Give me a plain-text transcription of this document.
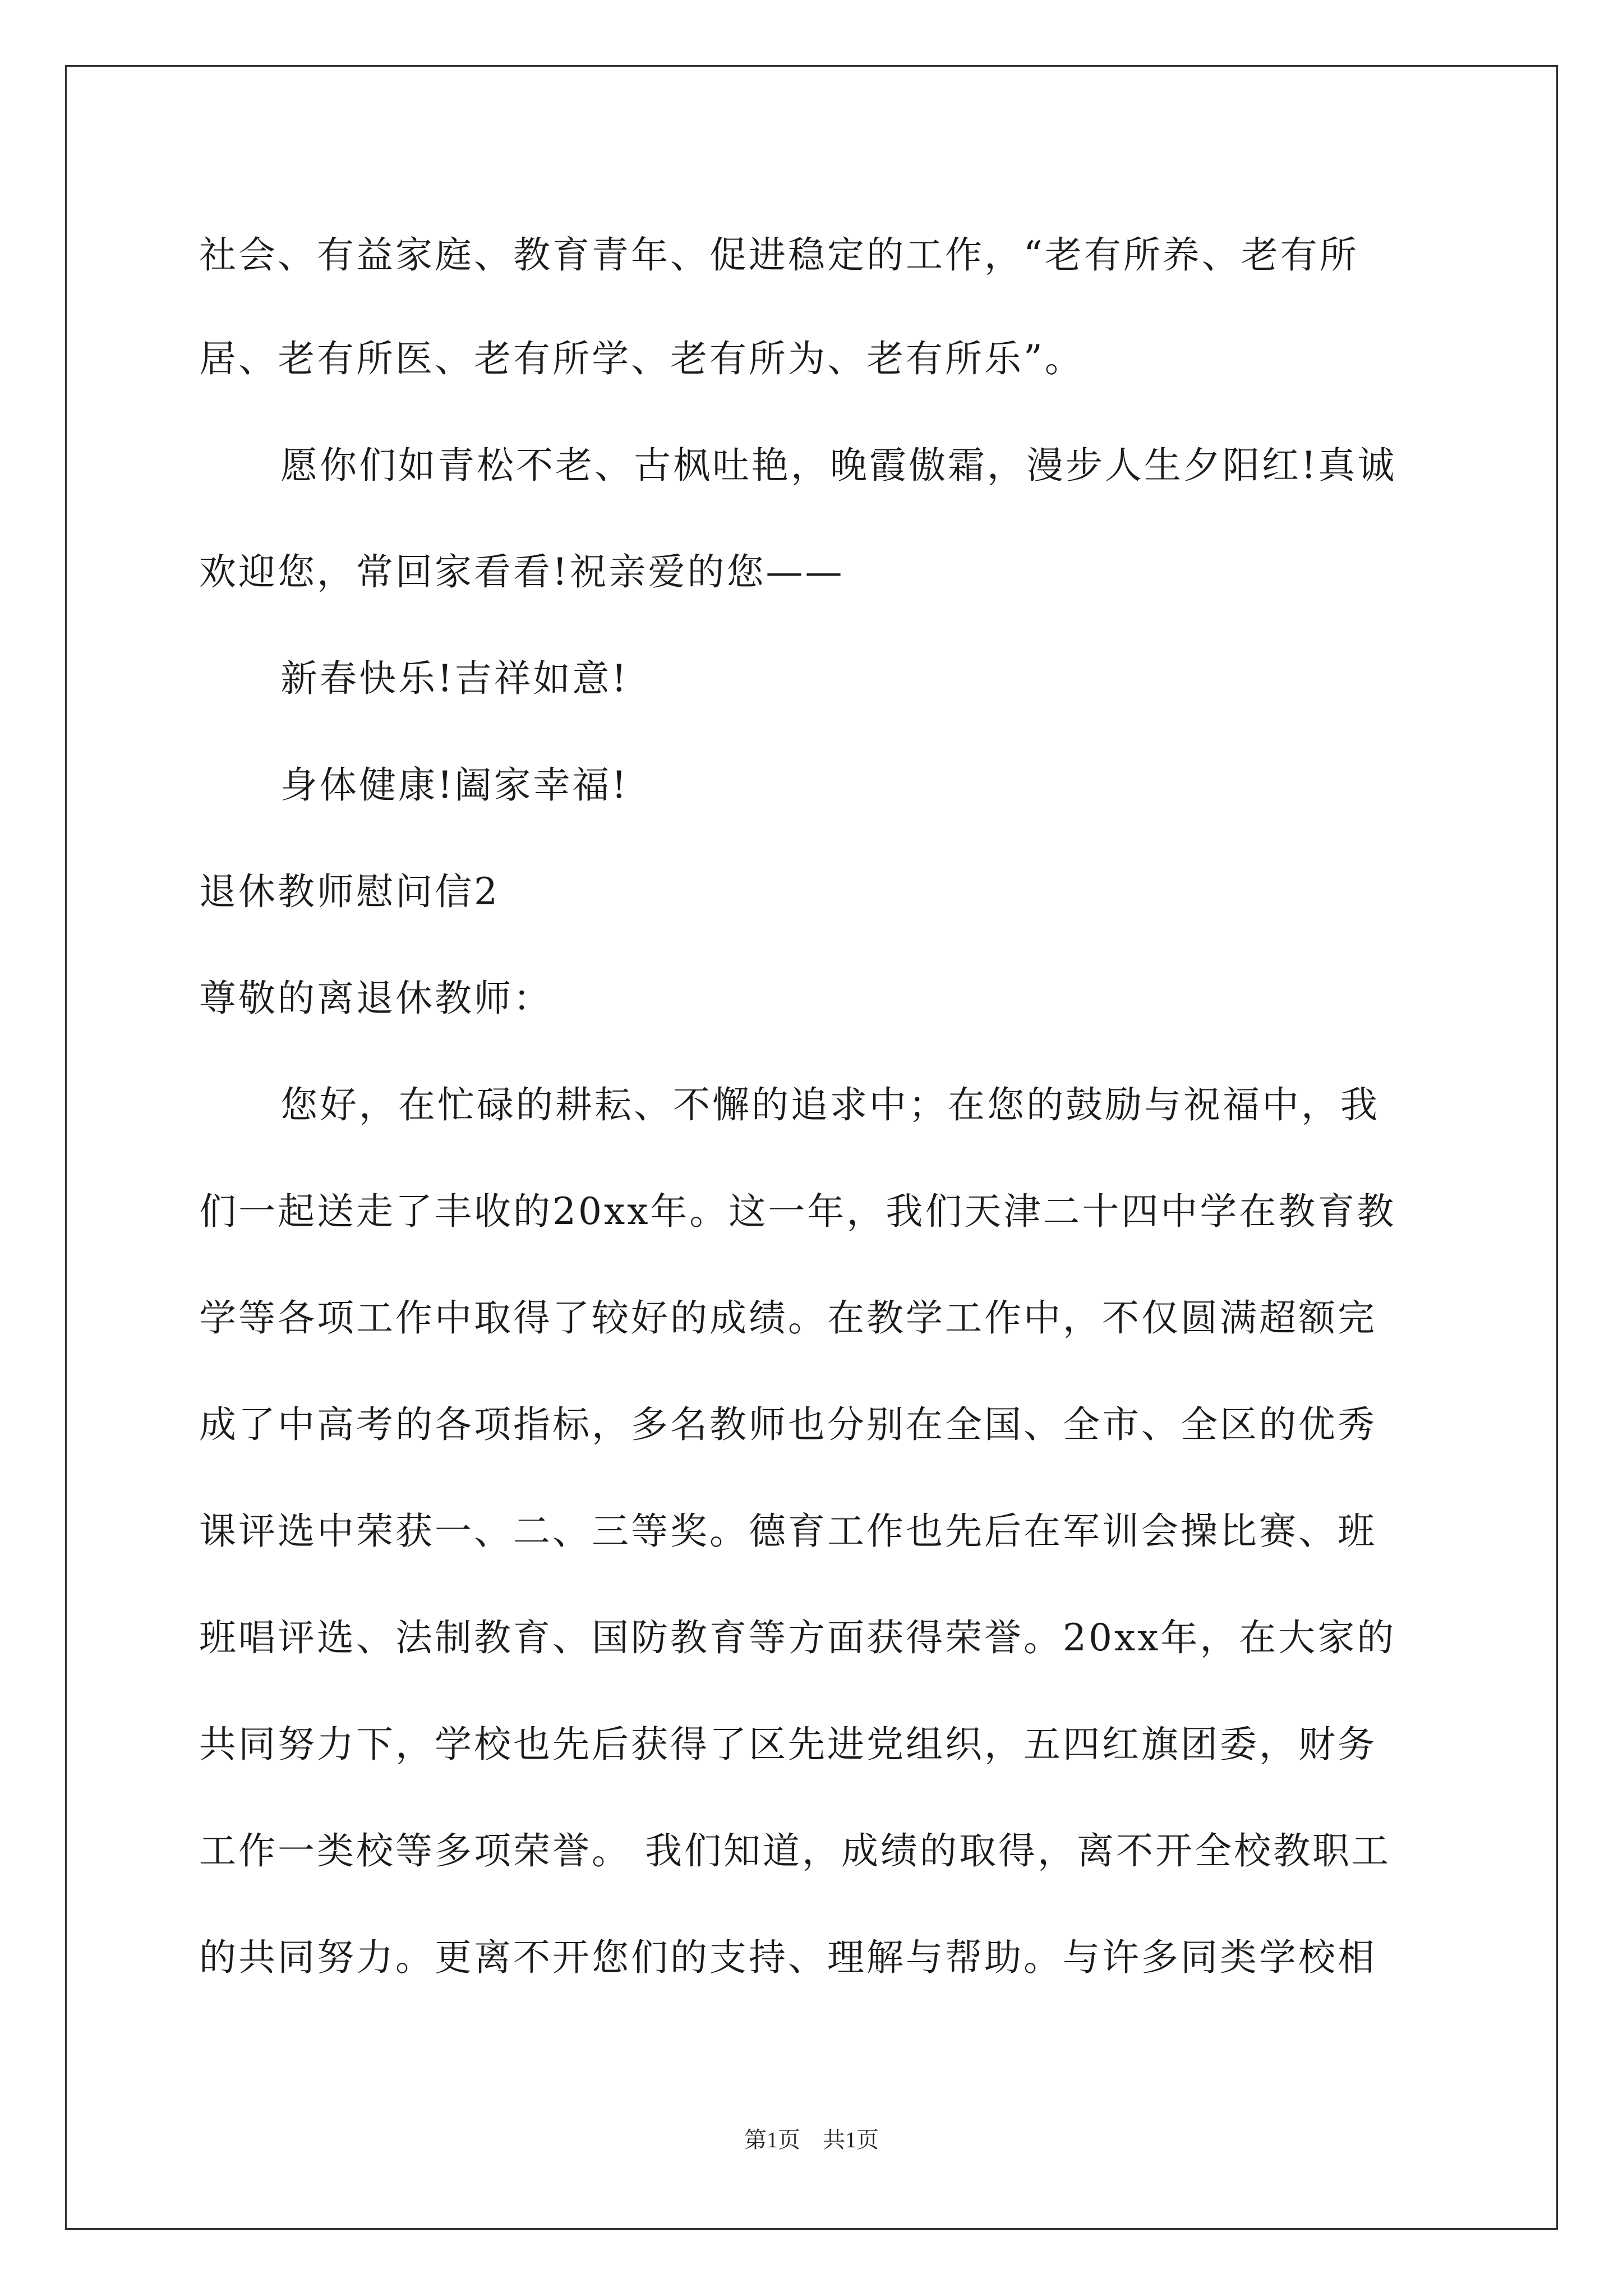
社会、有益家庭、教育青年、促进稳定的工作，“老有所养、老有所
居、老有所医、老有所学、老有所为、老有所乐”。
愿你们如青松不老、古枫吐艳，晚霞傲霜，漫步人生夕阳红!真诚
欢迎您，常回家看看!祝亲爱的您——
新春快乐!吉祥如意!
身体健康!阖家幸福!
退休教师慰问信2
尊敬的离退休教师：
您好，在忙碌的耕耘、不懈的追求中；在您的鼓励与祝福中，我
们一起送走了丰收的20xx年。这一年，我们天津二十四中学在教育教
学等各项工作中取得了较好的成绩。在教学工作中，不仅圆满超额完
成了中高考的各项指标，多名教师也分别在全国、全市、全区的优秀
课评选中荣获一、二、三等奖。德育工作也先后在军训会操比赛、班
班唱评选、法制教育、国防教育等方面获得荣誉。20xx年，在大家的
共同努力下，学校也先后获得了区先进党组织，五四红旗团委，财务
工作一类校等多项荣誉。 我们知道，成绩的取得，离不开全校教职工
的共同努力。更离不开您们的支持、理解与帮助。与许多同类学校相
第1页　共1页
